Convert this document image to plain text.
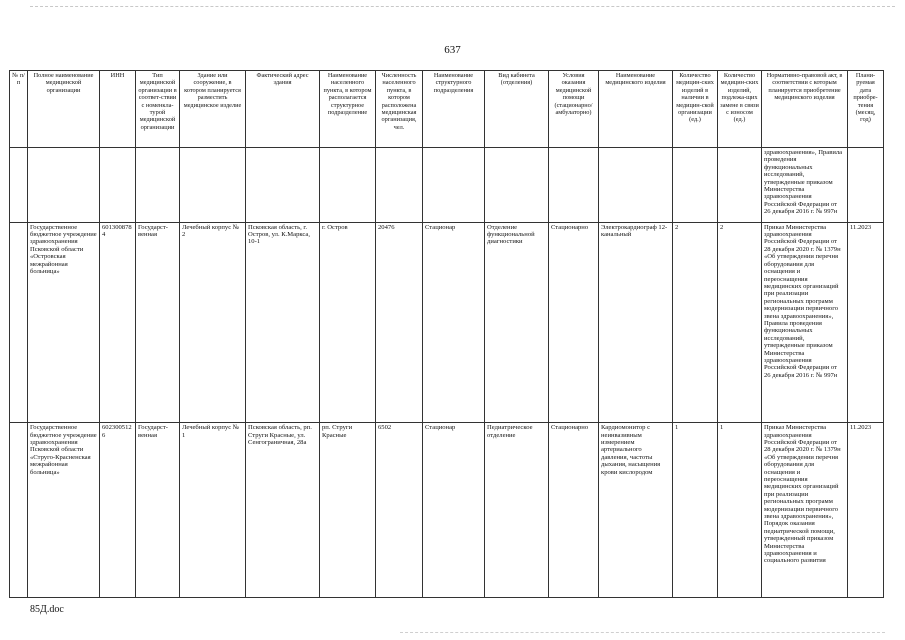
637
№ п/п	Полное наименование медицинской организации	ИНН	Тип медицинской организации в соответ-ствии с номенкла-турой медицинской организации	Здание или сооружение, в котором планируется разместить медицинское изделие	Фактический адрес здания	Наименование населенного пункта, в котором располагается структурное подразделение	Численность населенного пункта, в котором расположена медицинская организация, чел.	Наименование структурного подразделения	Вид кабинета (отделения)	Условия оказания медицинской помощи (стационарно/амбулаторно)	Наименование медицинского изделия	Количество медицин-ских изделий в наличии в медицин-ской организации (ед.)	Количество медицин-ских изделий, подлежа-щих замене в связи с износом (ед.)	Нормативно-правовой акт, в соответствии с которым планируется приобретение медицинского изделия	Плани-руемая дата приобре-тения (месяц, год)
														здравоохранения», Правила проведения функциональных исследований, утвержденные приказом Министерства здравоохранения Российской Федерации от 26 декабря 2016 г. № 997н	
	Государственное бюджетное учреждение здравоохранения Псковской области «Островская межрайонная больница»	6013008784	Государст-венная	Лечебный корпус № 2	Псковская область, г. Остров, ул. К.Маркса, 10-1	г. Остров	20476	Стационар	Отделение функциональной диагностики	Стационарно	Электрокардиограф 12-канальный	2	2	Приказ Министерства здравоохранения Российской Федерации от 28 декабря 2020 г. № 1379н «Об утверждении перечня оборудования для оснащения и переоснащения медицинских организаций при реализации региональных программ модернизации первичного звена здравоохранения», Правила проведения функциональных исследований, утвержденные приказом Министерства здравоохранения Российской Федерации от 26 декабря 2016 г. № 997н	11.2023
	Государственное бюджетное учреждение здравоохранения Псковской области «Струго-Красненская межрайонная больница»	6023005126	Государст-венная	Лечебный корпус № 1	Псковская область, рп. Струги Красные, ул. Сенгограничная, 28а	рп. Струги Красные	6502	Стационар	Педиатрическое отделение	Стационарно	Кардиомонитор с неинвазивным измерением артериального давления, частоты дыхания, насыщения крови кислородом	1	1	Приказ Министерства здравоохранения Российской Федерации от 28 декабря 2020 г. № 1379н «Об утверждении перечня оборудования для оснащения и переоснащения медицинских организаций при реализации региональных программ модернизации первичного звена здравоохранения», Порядок оказания педиатрической помощи, утвержденный приказом Министерства здравоохранения и социального развития	11.2023
85Д.doc
